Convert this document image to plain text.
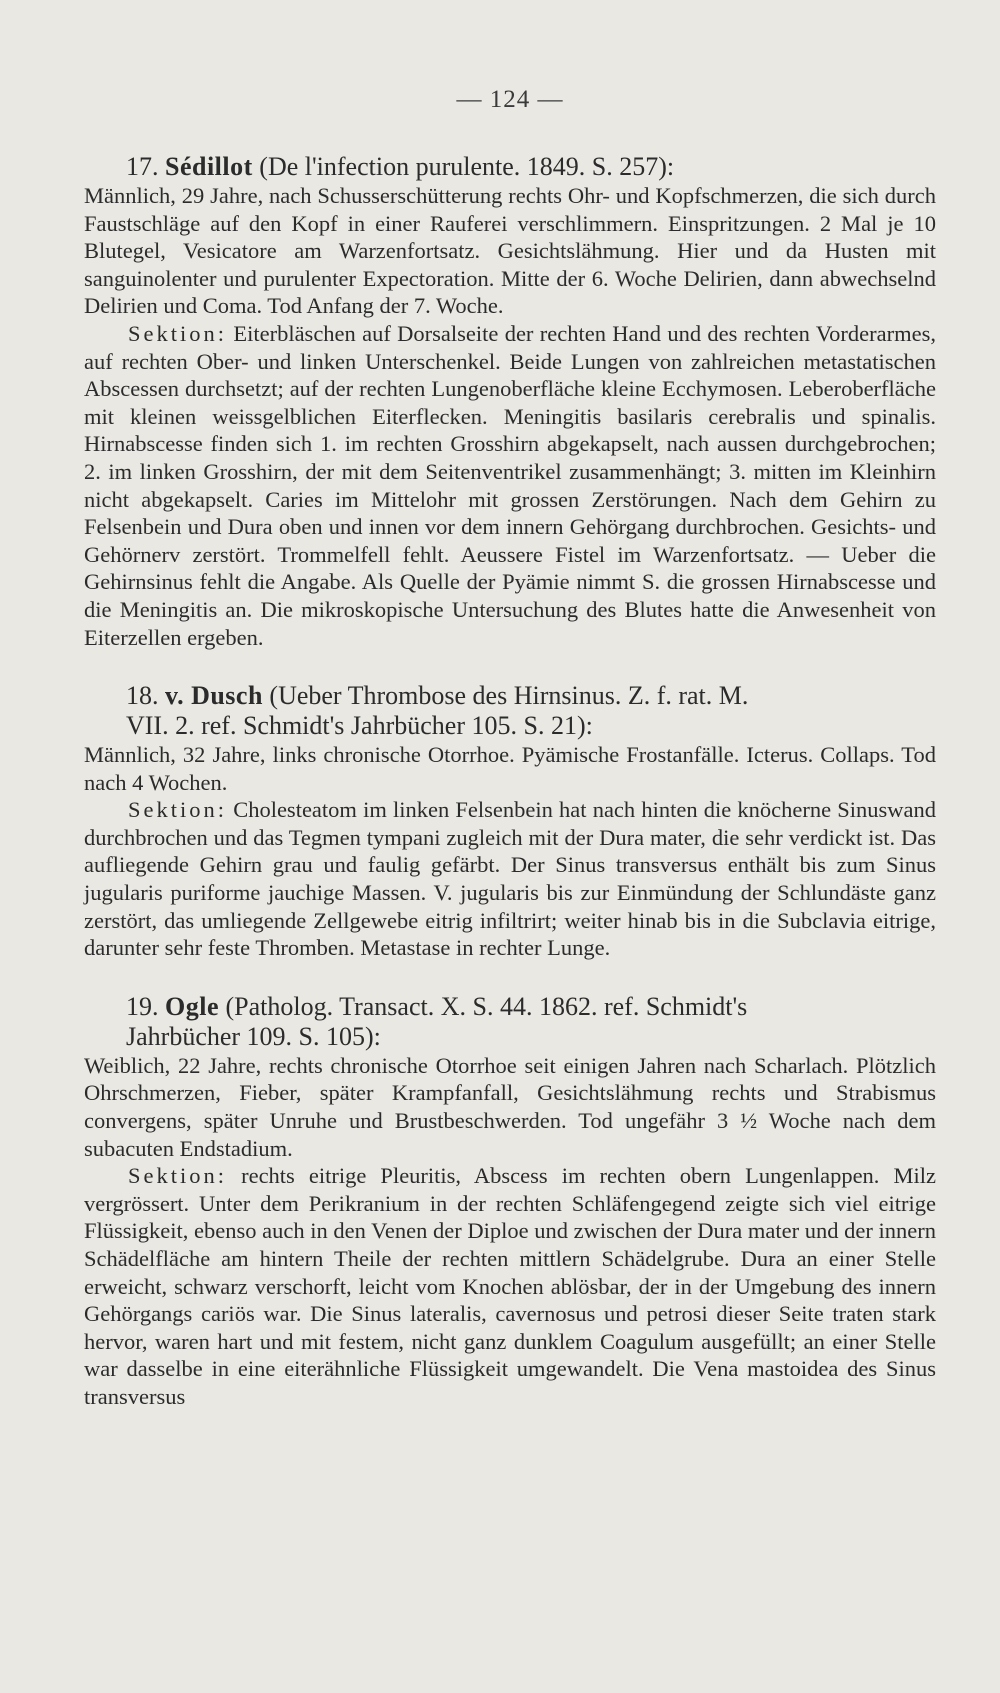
— 124 —

17. Sédillot (De l'infection purulente. 1849. S. 257):

Männlich, 29 Jahre, nach Schusserschütterung rechts Ohr- und Kopfschmerzen, die sich durch Faustschläge auf den Kopf in einer Rauferei verschlimmern. Einspritzungen. 2 Mal je 10 Blutegel, Vesicatore am Warzenfortsatz. Gesichtslähmung. Hier und da Husten mit sanguinolenter und purulenter Expectoration. Mitte der 6. Woche Delirien, dann abwechselnd Delirien und Coma. Tod Anfang der 7. Woche.

Sektion: Eiterbläschen auf Dorsalseite der rechten Hand und des rechten Vorderarmes, auf rechten Ober- und linken Unterschenkel. Beide Lungen von zahlreichen metastatischen Abscessen durchsetzt; auf der rechten Lungenoberfläche kleine Ecchymosen. Leberoberfläche mit kleinen weissgelblichen Eiterflecken. Meningitis basilaris cerebralis und spinalis. Hirnabscesse finden sich 1. im rechten Grosshirn abgekapselt, nach aussen durchgebrochen; 2. im linken Grosshirn, der mit dem Seitenventrikel zusammenhängt; 3. mitten im Kleinhirn nicht abgekapselt. Caries im Mittelohr mit grossen Zerstörungen. Nach dem Gehirn zu Felsenbein und Dura oben und innen vor dem innern Gehörgang durchbrochen. Gesichts- und Gehörnerv zerstört. Trommelfell fehlt. Aeussere Fistel im Warzenfortsatz. — Ueber die Gehirnsinus fehlt die Angabe. Als Quelle der Pyämie nimmt S. die grossen Hirnabscesse und die Meningitis an. Die mikroskopische Untersuchung des Blutes hatte die Anwesenheit von Eiterzellen ergeben.

18. v. Dusch (Ueber Thrombose des Hirnsinus. Z. f. rat. M.
VII. 2. ref. Schmidt's Jahrbücher 105. S. 21):

Männlich, 32 Jahre, links chronische Otorrhoe. Pyämische Frostanfälle. Icterus. Collaps. Tod nach 4 Wochen.

Sektion: Cholesteatom im linken Felsenbein hat nach hinten die knöcherne Sinuswand durchbrochen und das Tegmen tympani zugleich mit der Dura mater, die sehr verdickt ist. Das aufliegende Gehirn grau und faulig gefärbt. Der Sinus transversus enthält bis zum Sinus jugularis puriforme jauchige Massen. V. jugularis bis zur Einmündung der Schlundäste ganz zerstört, das umliegende Zellgewebe eitrig infiltrirt; weiter hinab bis in die Subclavia eitrige, darunter sehr feste Thromben. Metastase in rechter Lunge.

19. Ogle (Patholog. Transact. X. S. 44. 1862. ref. Schmidt's
Jahrbücher 109. S. 105):

Weiblich, 22 Jahre, rechts chronische Otorrhoe seit einigen Jahren nach Scharlach. Plötzlich Ohrschmerzen, Fieber, später Krampfanfall, Gesichtslähmung rechts und Strabismus convergens, später Unruhe und Brustbeschwerden. Tod ungefähr 3 ½ Woche nach dem subacuten Endstadium.

Sektion: rechts eitrige Pleuritis, Abscess im rechten obern Lungenlappen. Milz vergrössert. Unter dem Perikranium in der rechten Schläfengegend zeigte sich viel eitrige Flüssigkeit, ebenso auch in den Venen der Diploe und zwischen der Dura mater und der innern Schädelfläche am hintern Theile der rechten mittlern Schädelgrube. Dura an einer Stelle erweicht, schwarz verschorft, leicht vom Knochen ablösbar, der in der Umgebung des innern Gehörgangs cariös war. Die Sinus lateralis, cavernosus und petrosi dieser Seite traten stark hervor, waren hart und mit festem, nicht ganz dunklem Coagulum ausgefüllt; an einer Stelle war dasselbe in eine eiterähnliche Flüssigkeit umgewandelt. Die Vena mastoidea des Sinus transversus
